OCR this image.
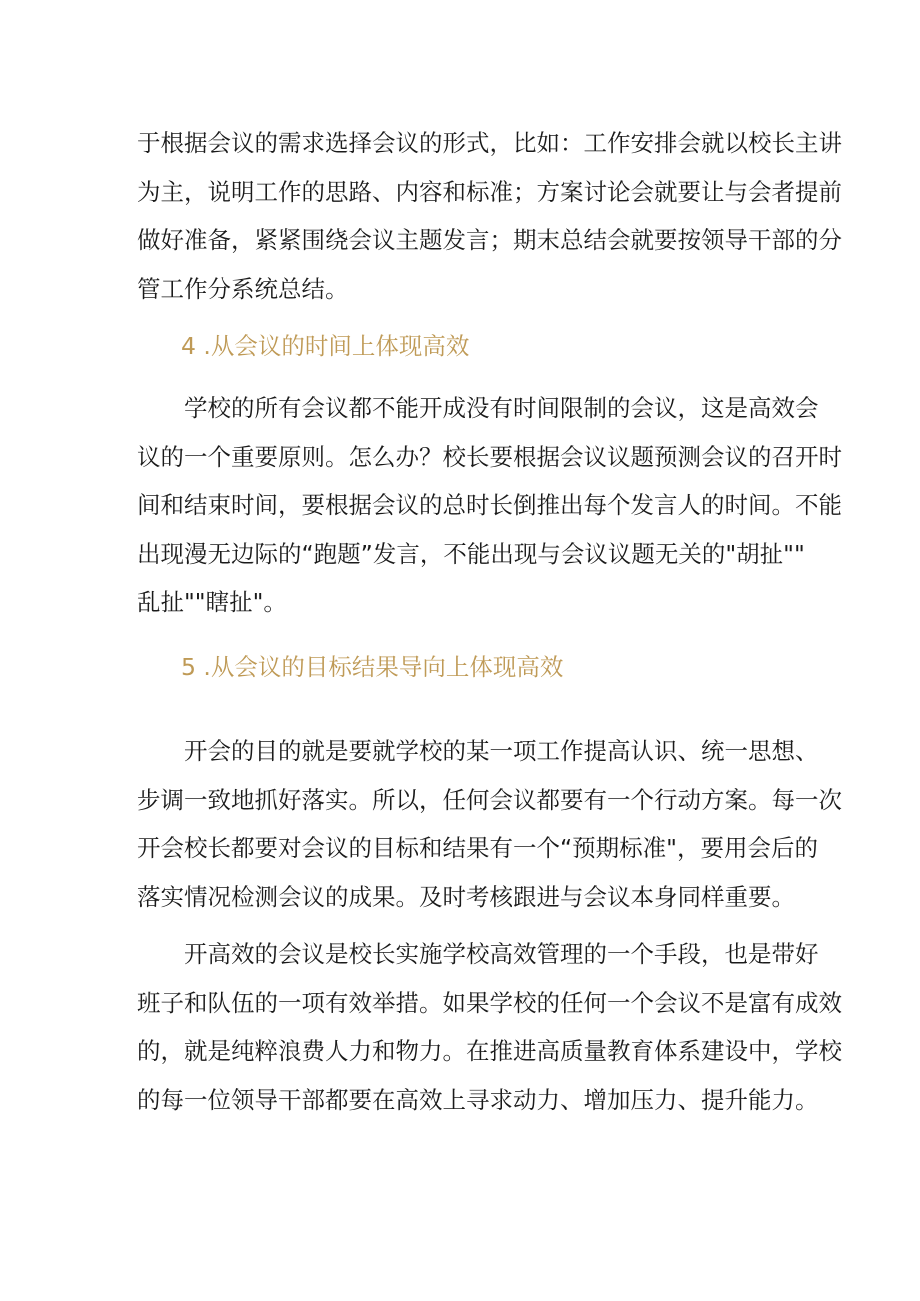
于根据会议的需求选择会议的形式，比如：工作安排会就以校长主讲
为主，说明工作的思路、内容和标准；方案讨论会就要让与会者提前
做好准备，紧紧围绕会议主题发言；期末总结会就要按领导干部的分
管工作分系统总结。

4 .从会议的时间上体现高效

学校的所有会议都不能开成没有时间限制的会议，这是高效会
议的一个重要原则。怎么办？校长要根据会议议题预测会议的召开时
间和结束时间，要根据会议的总时长倒推出每个发言人的时间。不能
出现漫无边际的“跑题”发言，不能出现与会议议题无关的"胡扯""
乱扯""瞎扯"。

5 .从会议的目标结果导向上体现高效

开会的目的就是要就学校的某一项工作提高认识、统一思想、
步调一致地抓好落实。所以，任何会议都要有一个行动方案。每一次
开会校长都要对会议的目标和结果有一个“预期标准"，要用会后的
落实情况检测会议的成果。及时考核跟进与会议本身同样重要。

开高效的会议是校长实施学校高效管理的一个手段，也是带好
班子和队伍的一项有效举措。如果学校的任何一个会议不是富有成效
的，就是纯粹浪费人力和物力。在推进高质量教育体系建设中，学校
的每一位领导干部都要在高效上寻求动力、增加压力、提升能力。
